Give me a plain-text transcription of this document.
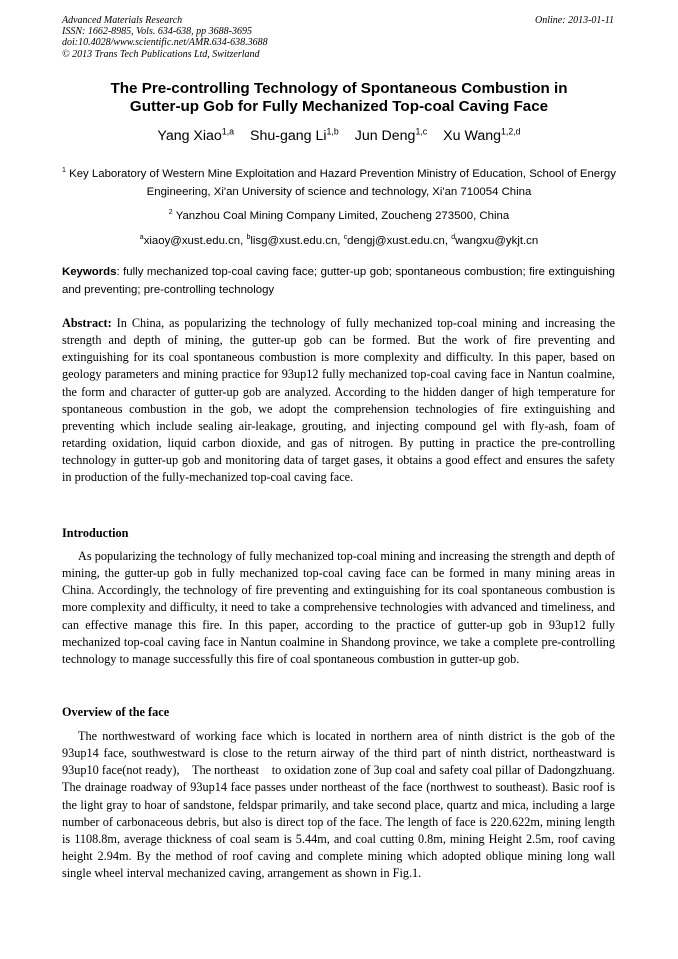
Advanced Materials Research
ISSN: 1662-8985, Vols. 634-638, pp 3688-3695
doi:10.4028/www.scientific.net/AMR.634-638.3688
© 2013 Trans Tech Publications Ltd, Switzerland
Online: 2013-01-11
The Pre-controlling Technology of Spontaneous Combustion in
Gutter-up Gob for Fully Mechanized Top-coal Caving Face
Yang Xiao$^{1,a}$ Shu-gang Li$^{1,b}$ Jun Deng$^{1,c}$ Xu Wang$^{1,2,d}$
$^1$ Key Laboratory of Western Mine Exploitation and Hazard Prevention Ministry of Education, School of Energy Engineering, Xi'an University of science and technology, Xi'an 710054 China
$^2$ Yanzhou Coal Mining Company Limited, Zoucheng 273500, China
$^a$xiaoy@xust.edu.cn, $^b$lisg@xust.edu.cn, $^c$dengj@xust.edu.cn, $^d$wangxu@ykjt.cn
Keywords: fully mechanized top-coal caving face; gutter-up gob; spontaneous combustion; fire extinguishing and preventing; pre-controlling technology
Abstract: In China, as popularizing the technology of fully mechanized top-coal mining and increasing the strength and depth of mining, the gutter-up gob can be formed. But the work of fire preventing and extinguishing for its coal spontaneous combustion is more complexity and difficulty. In this paper, based on geology parameters and mining practice for 93up12 fully mechanized top-coal caving face in Nantun coalmine, the form and character of gutter-up gob are analyzed. According to the hidden danger of high temperature for spontaneous combustion in the gob, we adopt the comprehension technologies of fire extinguishing and preventing which include sealing air-leakage, grouting, and injecting compound gel with fly-ash, foam of retarding oxidation, liquid carbon dioxide, and gas of nitrogen. By putting in practice the pre-controlling technology in gutter-up gob and monitoring data of target gases, it obtains a good effect and ensures the safety in production of the fully-mechanized top-coal caving face.
Introduction

As popularizing the technology of fully mechanized top-coal mining and increasing the strength and depth of mining, the gutter-up gob in fully mechanized top-coal caving face can be formed in many mining areas in China. Accordingly, the technology of fire preventing and extinguishing for its coal spontaneous combustion is more complexity and difficulty, it need to take a comprehensive technologies with advanced and timeliness, and can effective manage this fire. In this paper, according to the practice of gutter-up gob in 93up12 fully mechanized top-coal caving face in Nantun coalmine in Shandong province, we take a complete pre-controlling technology to manage successfully this fire of coal spontaneous combustion in gutter-up gob.

Overview of the face

The northwestward of working face which is located in northern area of ninth district is the gob of the 93up14 face, southwestward is close to the return airway of the third part of ninth district, northeastward is 93up10 face(not ready),    The northeast    to oxidation zone of 3up coal and safety coal pillar of Dadongzhuang. The drainage roadway of 93up14 face passes under northeast of the face (northwest to southeast). Basic roof is the light gray to hoar of sandstone, feldspar primarily, and take second place, quartz and mica, including a large number of carbonaceous debris, but also is direct top of the face. The length of face is 220.622m, mining length is 1108.8m, average thickness of coal seam is 5.44m, and coal cutting 0.8m, mining Height 2.5m, roof caving height 2.94m. By the method of roof caving and complete mining which adopted oblique mining long wall single wheel interval mechanized caving, arrangement as shown in Fig.1.
